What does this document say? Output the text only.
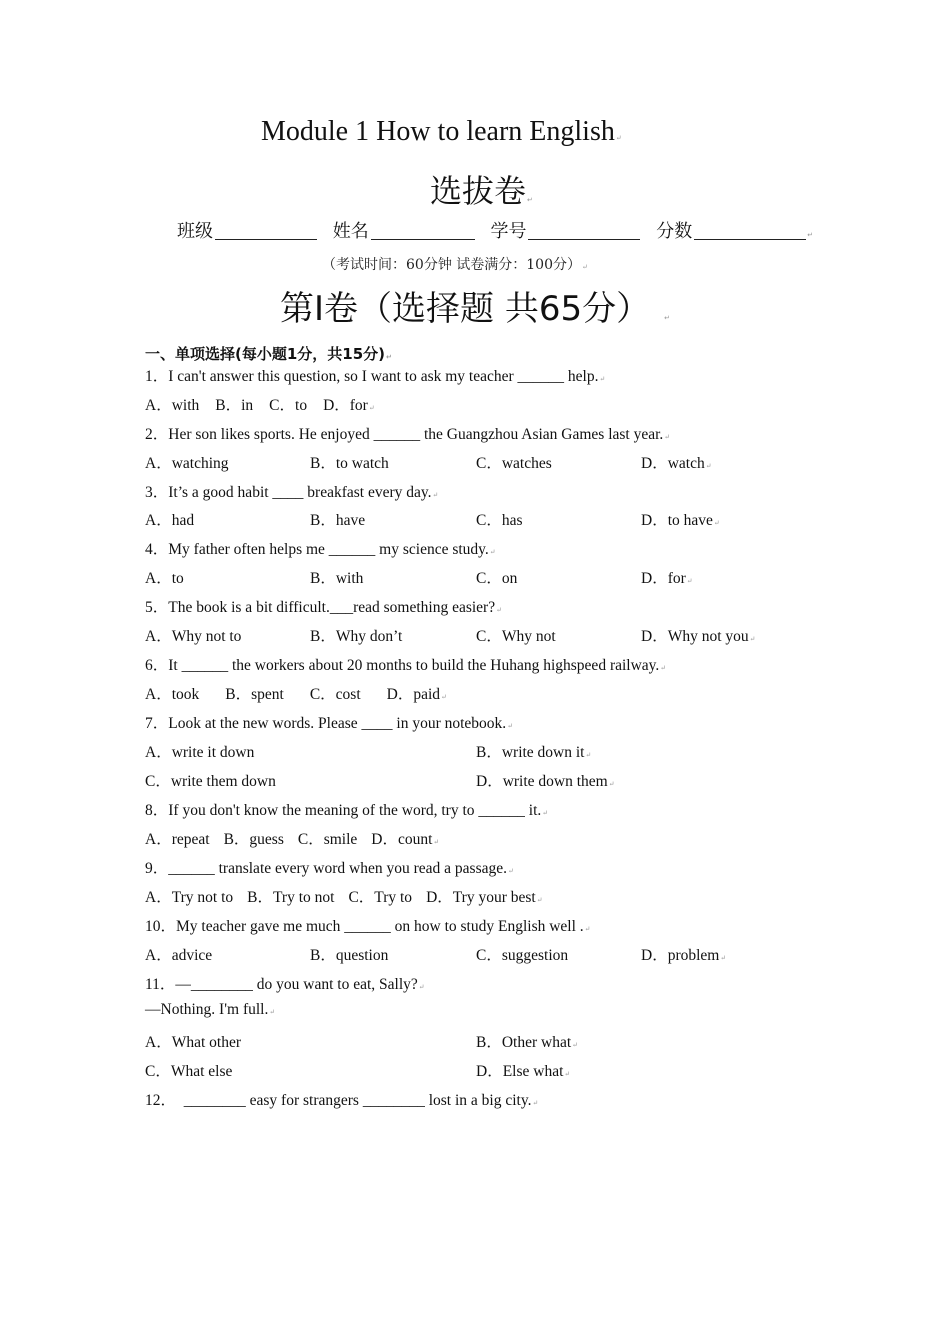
Module 1 How to learn English↵
选拔卷↵
班级	姓名	学号	分数	↵
（考试时间：60分钟 试卷满分：100分）↵
第I卷（选择题 共65分） ↵
一、单项选择(每小题1分，共15分)↵
1．I can't answer this question, so I want to ask my teacher ______ help.↵
A．with B．in C．to D．for↵
2．Her son likes sports. He enjoyed ______ the Guangzhou Asian Games last year.↵
A．watching	B．to watch	C．watches	D．watch↵
3．It’s a good habit ____ breakfast every day.↵
A．had	B．have	C．has	D．to have↵
4．My father often helps me ______ my science study.↵
A．to	B．with	C．on	D．for↵
5．The book is a bit difficult.___read something easier?↵
A．Why not to	B．Why don’t	C．Why not	D．Why not you↵
6．It ______ the workers about 20 months to build the Huhang highspeed railway.↵
A．took B．spent C．cost D．paid↵
7．Look at the new words. Please ____ in your notebook.↵
A．write it down	B．write down it↵
C．write them down	D．write down them↵
8．If you don't know the meaning of the word, try to ______ it.↵
A．repeat B．guess C．smile D．count↵
9．______ translate every word when you read a passage.↵
A．Try not to B．Try to not C．Try to D．Try your best↵
10．My teacher gave me much ______ on how to study English well .↵
A．advice	B．question	C．suggestion	D．problem↵
11．—________ do you want to eat, Sally?↵
—Nothing. I'm full.↵
A．What other	B．Other what↵
C．What else	D．Else what↵
12．  ________ easy for strangers ________ lost in a big city.↵
